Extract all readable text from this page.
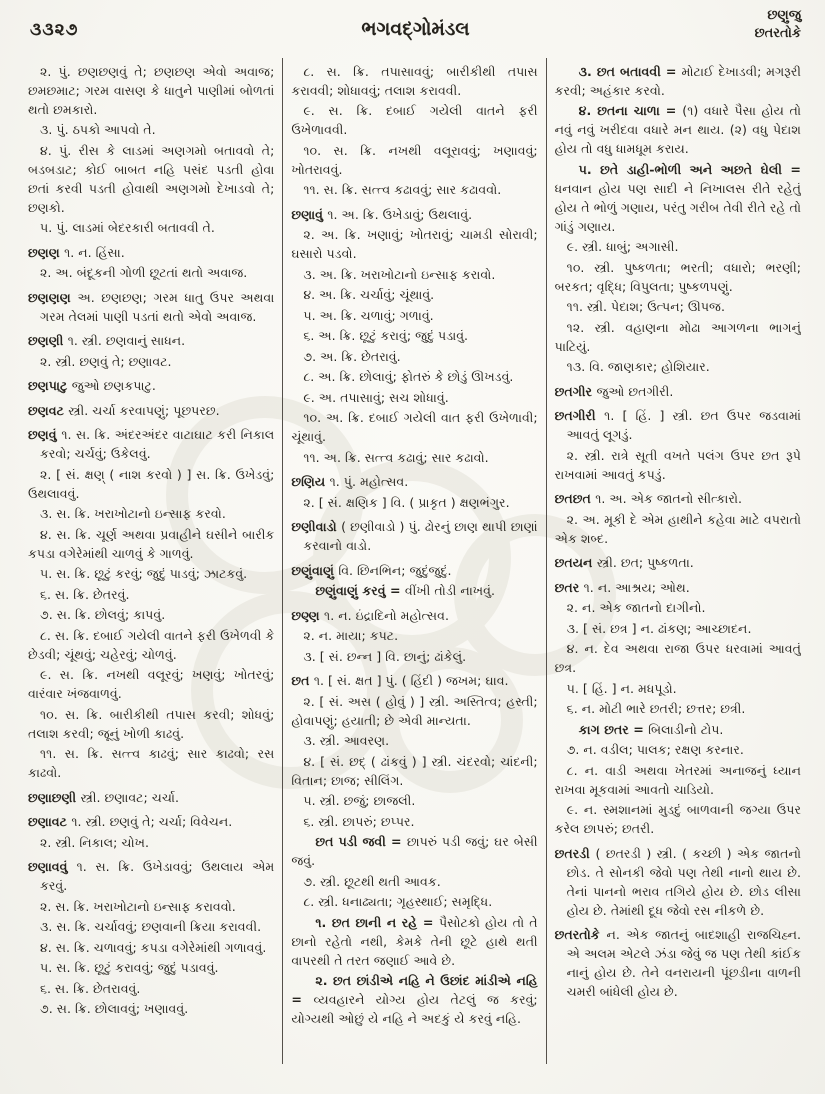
૩૩૨૭	ભગવદ્ગોમંડલ
છણુજુ
છતરતોકે

૨. પું. છણછણવું તે; છણછણ એવો અવાજ; છમછમાટ; ગરમ વાસણ કે ધાતુને પાણીમાં બોળતાં થતો છમકારો.

૩. પું. ઠપકો આપવો તે.

૪. પું. રીસ કે લાડમાં અણગમો બતાવવો તે; બડબડાટ; કોઈ બાબત નહિ પસંદ પડતી હોવા છતાં કરવી પડતી હોવાથી અણગમો દેખાડવો તે; છણકો.

૫. પું. લાડમાં બેદરકારી બતાવવી તે.

છણણ ૧. ન. હિંસા.

૨. અ. બંદૂકની ગોળી છૂટતાં થતો અવાજ.

છણણણ અ. છણછણ; ગરમ ધાતુ ઉપર અથવા ગરમ તેલમાં પાણી પડતાં થતો એવો અવાજ.

છણણી ૧. સ્ત્રી. છણવાનું સાધન.

૨. સ્ત્રી. છણવું તે; છણાવટ.

છણપાટુ જુઓ છણકપાટુ.

છણવટ સ્ત્રી. ચર્ચા કરવાપણું; પૂછપરછ.

છણવું ૧. સ. ક્રિ. અંદરઅંદર વાટાઘાટ કરી નિકાલ કરવો; ચર્ચવું; ઉકેલવું.

૨. [ સં. ક્ષણ્ ( નાશ કરવો ) ] સ. ક્રિ. ઉખેડવું; ઉથલાવવું.

૩. સ. ક્રિ. ખરાખોટાનો ઇન્સાફ કરવો.

૪. સ. ક્રિ. ચૂર્ણ અથવા પ્રવાહીને ઘસીને બારીક કપડા વગેરેમાંથી ચાળવું કે ગાળવું.

૫. સ. ક્રિ. છૂટું કરવું; જુદું પાડવું; ઝાટકવું.

૬. સ. ક્રિ. છેતરવું.

૭. સ. ક્રિ. છોલવું; કાપવું.

૮. સ. ક્રિ. દબાઈ ગયેલી વાતને ફરી ઉખેળવી કે છેડવી; ચૂંથવું; ચહેરવું; ચોળવું.

૯. સ. ક્રિ. નખથી વલૂરવું; ખણવું; ખોતરવું; વારંવાર ખંજવાળવું.

૧૦. સ. ક્રિ. બારીકીથી તપાસ કરવી; શોધવું; તલાશ કરવી; જૂનું ખોળી કાઢવું.

૧૧. સ. ક્રિ. સત્ત્વ કાઢવું; સાર કાઢવો; રસ કાઢવો.

છણાછણી સ્ત્રી. છણાવટ; ચર્ચા.

છણાવટ ૧. સ્ત્રી. છણવું તે; ચર્ચા; વિવેચન.

૨. સ્ત્રી. નિકાલ; ચોખ.

છણાવવું ૧. સ. ક્રિ. ઉખેડાવવું; ઉથલાય એમ કરવું.

૨. સ. ક્રિ. ખરાખોટાનો ઇન્સાફ કરાવવો.

૩. સ. ક્રિ. ચર્ચાવવું; છણવાની ક્રિયા કરાવવી.

૪. સ. ક્રિ. ચળાવવું; કપડા વગેરેમાંથી ગળાવવું.

૫. સ. ક્રિ. છૂટું કરાવવું; જુદું પડાવવું.

૬. સ. ક્રિ. છેતરાવવું.

૭. સ. ક્રિ. છોલાવવું; ખણાવવું.

૮. સ. ક્રિ. તપાસાવવું; બારીકીથી તપાસ કરાવવી; શોધાવવું; તલાશ કરાવવી.

૯. સ. ક્રિ. દબાઈ ગયેલી વાતને ફરી ઉખેળાવવી.

૧૦. સ. ક્રિ. નખથી વલૂરાવવું; ખણાવવું; ખોતરાવવું.

૧૧. સ. ક્રિ. સત્ત્વ કઢાવવું; સાર કઢાવવો.

છણાવું ૧. અ. ક્રિ. ઉખેડાવું; ઉથલાવું.

૨. અ. ક્રિ. ખણાવું; ખોતરાવું; ચામડી સોરાવી; ઘસારો પડવો.

૩. અ. ક્રિ. ખરાખોટાનો ઇન્સાફ કરાવો.

૪. અ. ક્રિ. ચર્ચાવું; ચૂંથાવું.

૫. અ. ક્રિ. ચળાવું; ગળાવું.

૬. અ. ક્રિ. છૂટું કરાવું; જુદું પડાવું.

૭. અ. ક્રિ. છેતરાવું.

૮. અ. ક્રિ. છોલાવું; ફોતરું કે છોડું ઊખડવું.

૯. અ. તપાસાવું; સચ શોધાવું.

૧૦. અ. ક્રિ. દબાઈ ગયેલી વાત ફરી ઉખેળાવી; ચૂંથાવું.

૧૧. અ. ક્રિ. સત્ત્વ કઢાવું; સાર કઢાવો.

છણિય ૧. પું. મહોત્સવ.

૨. [ સં. ક્ષણિક ] વિ. ( પ્રાકૃત ) ક્ષણભંગુર.

છણીવાડો ( છણીવાડો ) પું. ઢોરનું છાણ થાપી છાણાં કરવાનો વાડો.

છણુંવાણું વિ. છિનભિન; જુદુંજુદું.

છણુંવાણું કરવું = વીંખી તોડી નાખવું.

છણ્ણ ૧. ન. ઇંદ્રાદિનો મહોત્સવ.

૨. ન. માયા; કપટ.

૩. [ સં. છન્ન ] વિ. છાનું; ઢાંકેલું.

છત ૧. [ સં. ક્ષત ] પું. ( હિંદી ) જખમ; ઘાવ.

૨. [ સં. અસ ( હોવું ) ] સ્ત્રી. અસ્તિત્વ; હસ્તી; હોવાપણું; હયાતી; છે એવી માન્યતા.

૩. સ્ત્રી. આવરણ.

૪. [ સં. છદ્ ( ઢાંકવું ) ] સ્ત્રી. ચંદરવો; ચાંદની; વિતાન; છાજ; સીલિંગ.

૫. સ્ત્રી. છજું; છાજલી.

૬. સ્ત્રી. છાપરું; છપ્પર.

છત પડી જવી = છાપરું પડી જવું; ઘર બેસી જવું.

૭. સ્ત્રી. છૂટથી થતી આવક.

૮. સ્ત્રી. ધનાઢ્યતા; ગૃહસ્થાઈ; સમૃદ્ધિ.

૧. છત છાની ન રહે = પૈસોટકો હોય તો તે છાનો રહેતો નથી, કેમકે તેની છૂટે હાથે થતી વાપરથી તે તરત જણાઈ આવે છે.

૨. છત છાંડીએ નહિ ને ઉછાંદ માંડીએ નહિ = વ્યવહારને યોગ્ય હોય તેટલું જ કરવું; યોગ્યથી ઓછું યે નહિ ને અદકું યે કરવું નહિ.

૩. છત બતાવવી = મોટાઈ દેખાડવી; મગરૂરી કરવી; અહંકાર કરવો.

૪. છતના ચાળા = (૧) વધારે પૈસા હોય તો નવું નવું ખરીદવા વધારે મન થાય. (૨) વધુ પેદાશ હોય તો વધુ ધામધૂમ કરાય.

૫. છતે ડાહી-ભોળી અને અછતે ઘેલી = ધનવાન હોય પણ સાદી ને નિખાલસ રીતે રહેતું હોય તે ભોળું ગણાય, પરંતુ ગરીબ તેવી રીતે રહે તો ગાંડું ગણાય.

૯. સ્ત્રી. ધાબું; અગાસી.

૧૦. સ્ત્રી. પુષ્કળતા; ભરતી; વધારો; ભરણી; બરકત; વૃદ્ધિ; વિપુલતા; પુષ્કળપણું.

૧૧. સ્ત્રી. પેદાશ; ઉત્પન; ઊપજ.

૧૨. સ્ત્રી. વહાણના મોઢા આગળના ભાગનું પાટિયું.

૧૩. વિ. જાણકાર; હોશિયાર.

છતગીર જુઓ છતગીરી.

છતગીરી ૧. [ હિં. ] સ્ત્રી. છત ઉપર જડવામાં આવતું લૂગડું.

૨. સ્ત્રી. રાત્રે સૂતી વખતે પલંગ ઉપર છત રૂપે રાખવામાં આવતું કપડું.

છતછત ૧. અ. એક જાતનો સીત્કારો.

૨. અ. મૂકી દે એમ હાથીને કહેવા માટે વપરાતો એક શબ્દ.

છતયન સ્ત્રી. છત; પુષ્કળતા.

છતર ૧. ન. આશ્રય; ઓથ.

૨. ન. એક જાતનો દાગીનો.

૩. [ સં. છત્ર ] ન. ઢાંકણ; આચ્છાદન.

૪. ન. દેવ અથવા રાજા ઉપર ધરવામાં આવતું છત્ર.

૫. [ હિં. ] ન. મધપૂડો.

૬. ન. મોટી ભારે છતરી; છત્તર; છત્રી.

કાગ છતર = બિલાડીનો ટોપ.

૭. ન. વડીલ; પાલક; રક્ષણ કરનાર.

૮. ન. વાડી અથવા ખેતરમાં અનાજનું ધ્યાન રાખવા મૂકવામાં આવતો ચાડિયો.

૯. ન. સ્મશાનમાં મુડદું બાળવાની જગ્યા ઉપર કરેલ છાપરું; છતરી.

છતરડી ( છતરડી ) સ્ત્રી. ( કચ્છી ) એક જાતનો છોડ. તે સોનકી જેવો પણ તેથી નાનો થાય છે. તેનાં પાનનો ભરાવ તગિયે હોય છે. છોડ લીસા હોય છે. તેમાંથી દૂધ જેવો રસ નીકળે છે.

છતરતોકે ન. એક જાતનું બાદશાહી રાજચિહ્ન. એ અલમ એટલે ઝંડા જેવું જ પણ તેથી કાંઈક નાનું હોય છે. તેને વનરાયની પૂંછડીના વાળની ચમરી બાંધેલી હોય છે.
